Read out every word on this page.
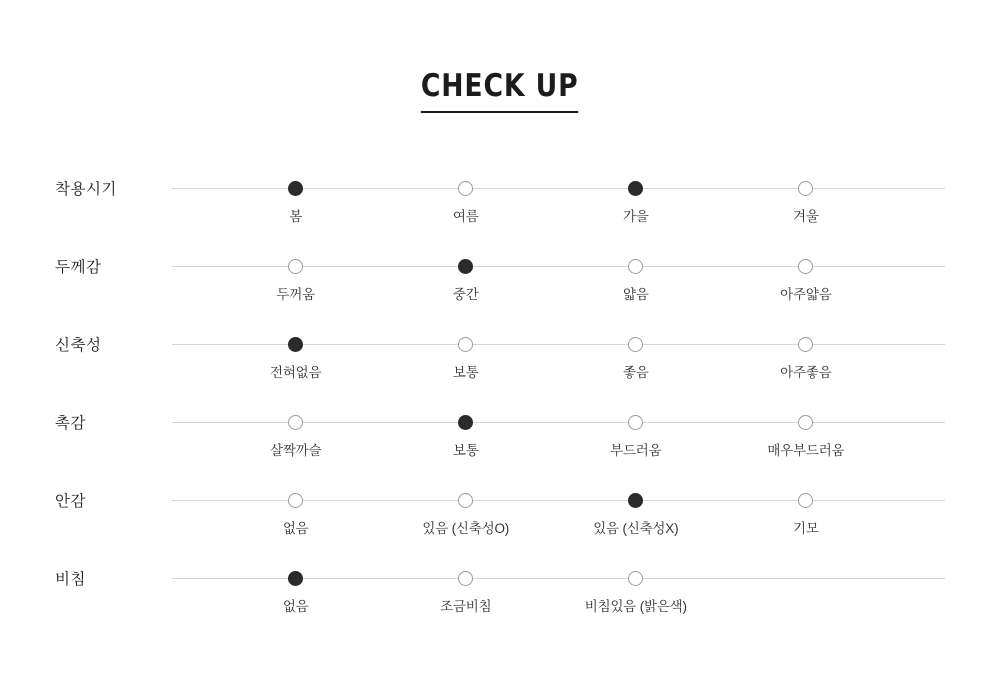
CHECK UP
착용시기
봄	여름	가을	겨울
두께감
두꺼움	중간	얇음	아주얇음
신축성
전혀없음	보통	좋음	아주좋음
촉감
살짝까슬	보통	부드러움	매우부드러움
안감
없음	있음 (신축성O)	있음 (신축성X)	기모
비침
없음	조금비침	비침있음 (밝은색)
